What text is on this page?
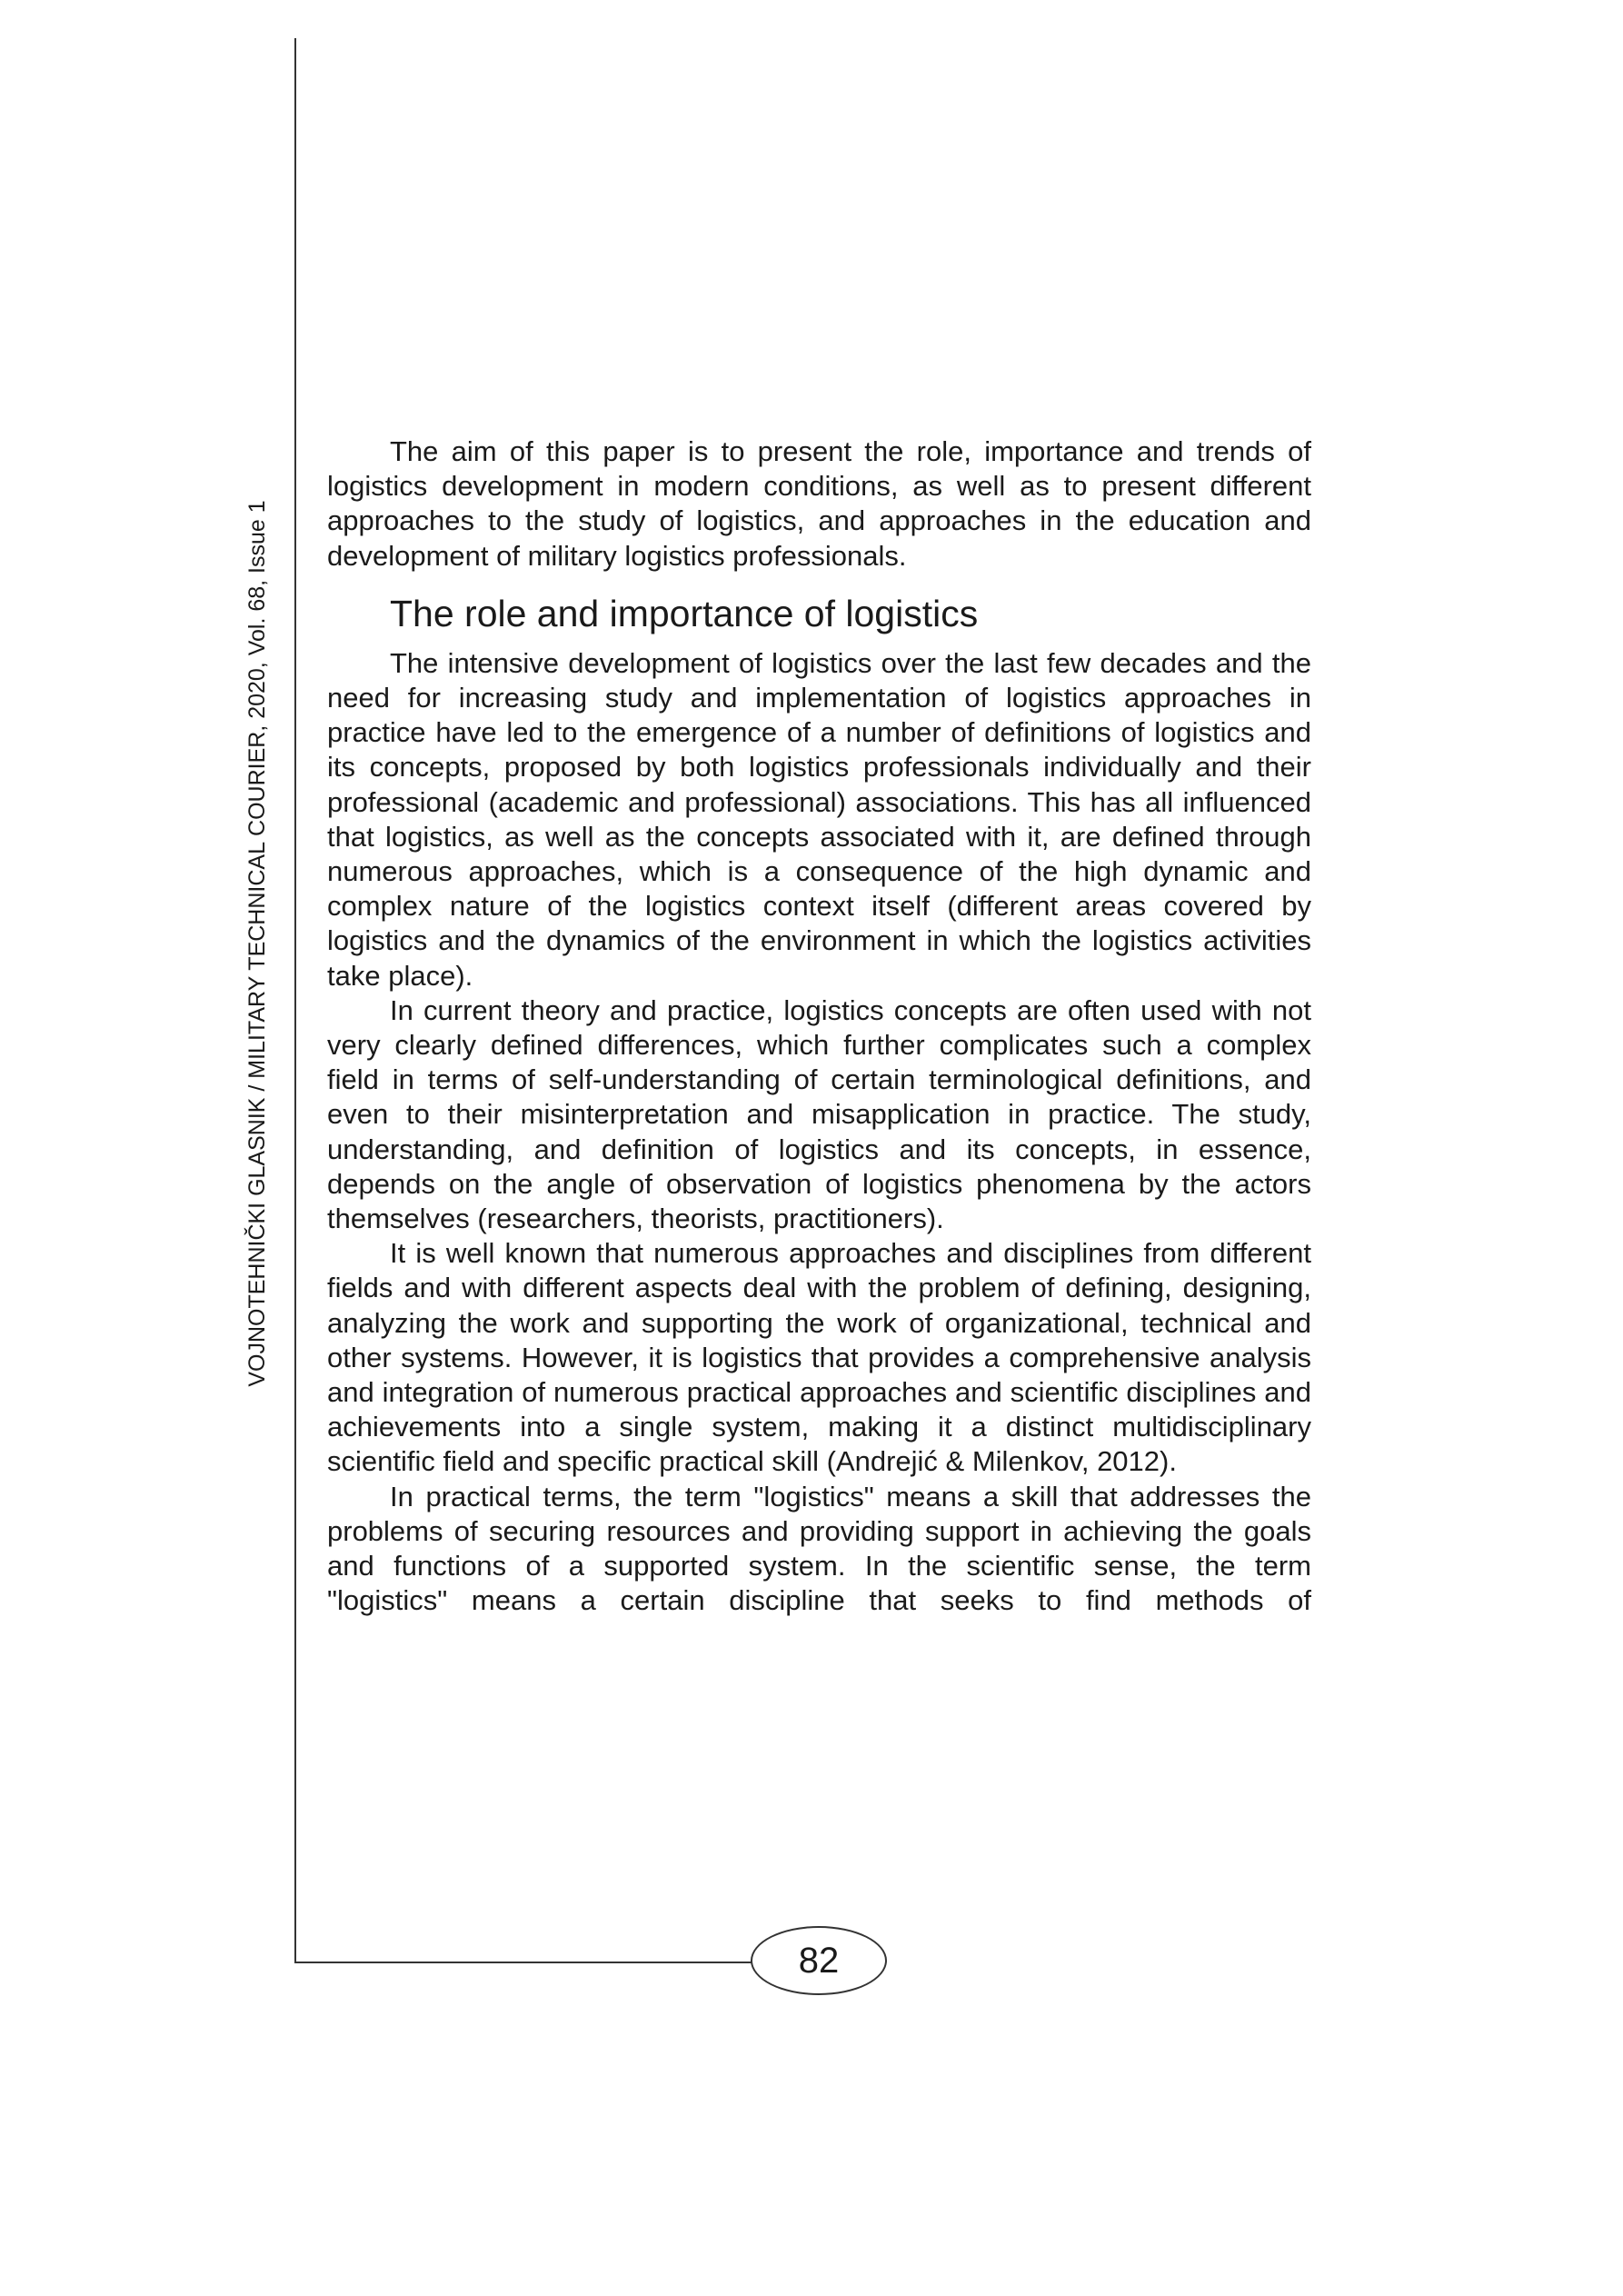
VOJNOTEHNIČKI GLASNIK / MILITARY TECHNICAL COURIER, 2020, Vol. 68, Issue 1

The aim of this paper is to present the role, importance and trends of logistics development in modern conditions, as well as to present different approaches to the study of logistics, and approaches in the education and development of military logistics professionals.

The role and importance of logistics

The intensive development of logistics over the last few decades and the need for increasing study and implementation of logistics approaches in practice have led to the emergence of a number of definitions of logistics and its concepts, proposed by both logistics professionals individually and their professional (academic and professional) associations. This has all influenced that logistics, as well as the concepts associated with it, are defined through numerous approaches, which is a consequence of the high dynamic and complex nature of the logistics context itself (different areas covered by logistics and the dynamics of the environment in which the logistics activities take place).

In current theory and practice, logistics concepts are often used with not very clearly defined differences, which further complicates such a complex field in terms of self-understanding of certain terminological definitions, and even to their misinterpretation and misapplication in practice. The study, understanding, and definition of logistics and its concepts, in essence, depends on the angle of observation of logistics phenomena by the actors themselves (researchers, theorists, practitioners).

It is well known that numerous approaches and disciplines from different fields and with different aspects deal with the problem of defining, designing, analyzing the work and supporting the work of organizational, technical and other systems. However, it is logistics that provides a comprehensive analysis and integration of numerous practical approaches and scientific disciplines and achievements into a single system, making it a distinct multidisciplinary scientific field and specific practical skill (Andrejić & Milenkov, 2012).

In practical terms, the term "logistics" means a skill that addresses the problems of securing resources and providing support in achieving the goals and functions of a supported system. In the scientific sense, the term "logistics" means a certain discipline that seeks to find methods of

82
